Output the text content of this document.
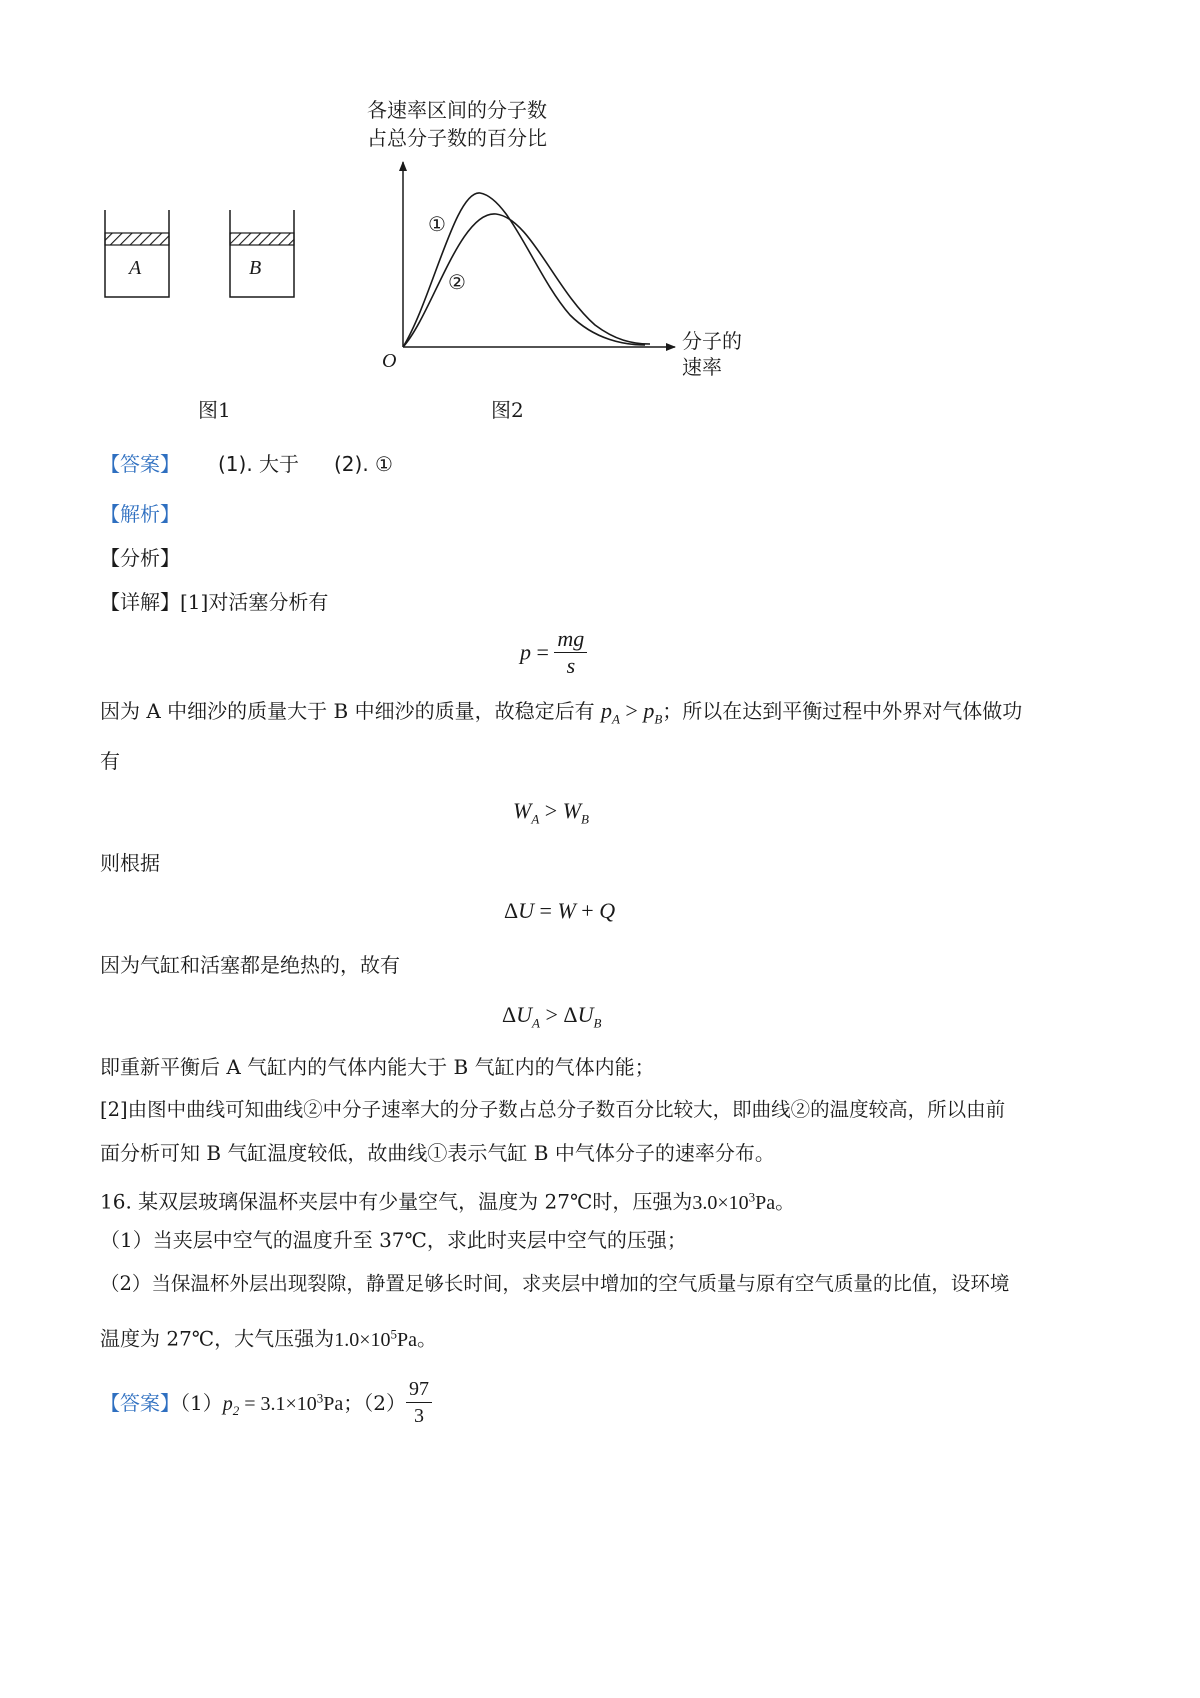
A	B
图1
各速率区间的分子数
占总分子数的百分比
分子的
速率
O
①
②
图2
【答案】 (1). 大于 (2). ①
【解析】
【分析】
【详解】[1]对活塞分析有
$p = \frac{mg}{s}$
因为 A 中细沙的质量大于 B 中细沙的质量，故稳定后有 $p_A > p_B$；所以在达到平衡过程中外界对气体做功
有
$W_A > W_B$
则根据
ΔU = W + Q
因为气缸和活塞都是绝热的，故有
$\Delta U_A > \Delta U_B$
即重新平衡后 A 气缸内的气体内能大于 B 气缸内的气体内能；
[2]由图中曲线可知曲线②中分子速率大的分子数占总分子数百分比较大，即曲线②的温度较高，所以由前
面分析可知 B 气缸温度较低，故曲线①表示气缸 B 中气体分子的速率分布。
16. 某双层玻璃保温杯夹层中有少量空气，温度为 27℃时，压强为$3.0\times 10^3Pa$。
（1）当夹层中空气的温度升至 37℃，求此时夹层中空气的压强；
（2）当保温杯外层出现裂隙，静置足够长时间，求夹层中增加的空气质量与原有空气质量的比值，设环境
温度为 27℃，大气压强为$1.0\times 10^5Pa$。
【答案】$(1)p_2 = 3.1\times 10^3Pa$；$(2) \frac{97}{3}$
